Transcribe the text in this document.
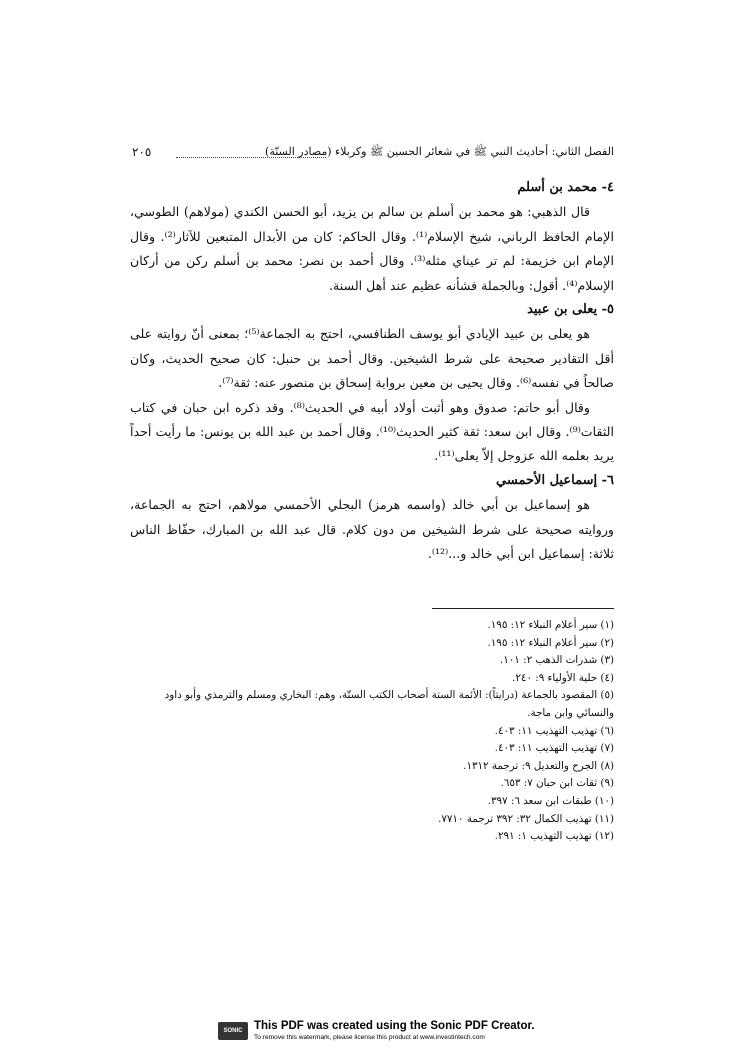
٢٠٥	الفصل الثاني: أحاديث النبي ﷺ في شعائر الحسين ﷺ وكربلاء (مصادر السنّة)
٤- محمد بن أسلم

قال الذهبي: هو محمد بن أسلم بن سالم بن يزيد، أبو الحسن الكندي (مولاهم) الطوسي، الإمام الحافظ الرباني، شيخ الإسلام⁽¹⁾. وقال الحاكم: كان من الأبدال المتبعين للآثار⁽²⁾. وقال الإمام ابن خزيمة: لم تر عيناي مثله⁽³⁾. وقال أحمد بن نصر: محمد بن أسلم ركن من أركان الإسلام⁽⁴⁾. أقول: وبالجملة فشأنه عظيم عند أهل السنة.

٥- يعلى بن عبيد

هو يعلى بن عبيد الإيادي أبو يوسف الطنافسي، احتج به الجماعة⁽⁵⁾؛ بمعنى أنّ روايته على أقل التقادير صحيحة على شرط الشيخين. وقال أحمد بن حنبل: كان صحيح الحديث، وكان صالحاً في نفسه⁽⁶⁾. وقال يحيى بن معين برواية إسحاق بن منصور عنه: ثقة⁽⁷⁾.

وقال أبو حاتم: صدوق وهو أثبت أولاد أبيه في الحديث⁽⁸⁾. وقد ذكره ابن حبان في كتاب الثقات⁽⁹⁾. وقال ابن سعد: ثقة كثير الحديث⁽¹⁰⁾. وقال أحمد بن عبد الله بن يونس: ما رأيت أحداً يريد بعلمه الله عزوجل إلاّ يعلى⁽¹¹⁾.

٦- إسماعيل الأحمسي

هو إسماعيل بن أبي خالد (واسمه هرمز) البجلي الأحمسي مولاهم، احتج به الجماعة، وروايته صحيحة على شرط الشيخين من دون كلام. قال عبد الله بن المبارك، حفّاظ الناس ثلاثة: إسماعيل ابن أبي خالد و...⁽¹²⁾.

(١) سير أعلام النبلاء ١٢: ١٩٥.

(٢) سير أعلام النبلاء ١٢: ١٩٥.

(٣) شذرات الذهب ٢: ١٠١.

(٤) حلية الأولياء ٩: ٢٤٠.

(٥) المقصود بالجماعة (درايتاً): الأئمة الستة أصحاب الكتب الستّة، وهم: البخاري ومسلم والترمذي وأبو داود والنسائي وابن ماجة.

(٦) تهذيب التهذيب ١١: ٤٠٣.

(٧) تهذيب التهذيب ١١: ٤٠٣.

(٨) الجرح والتعديل ٩: ترجمة ١٣١٢.

(٩) ثقات ابن حبان ٧: ٦٥٣.

(١٠) طبقات ابن سعد ٦: ٣٩٧.

(١١) تهذيب الكمال ٣٢: ٣٩٢ ترجمة ٧٧١٠.

(١٢) تهذيب التهذيب ١: ٢٩١.

SONIC PDF
This PDF was created using the Sonic PDF Creator.
To remove this watermark, please license this product at www.investintech.com
